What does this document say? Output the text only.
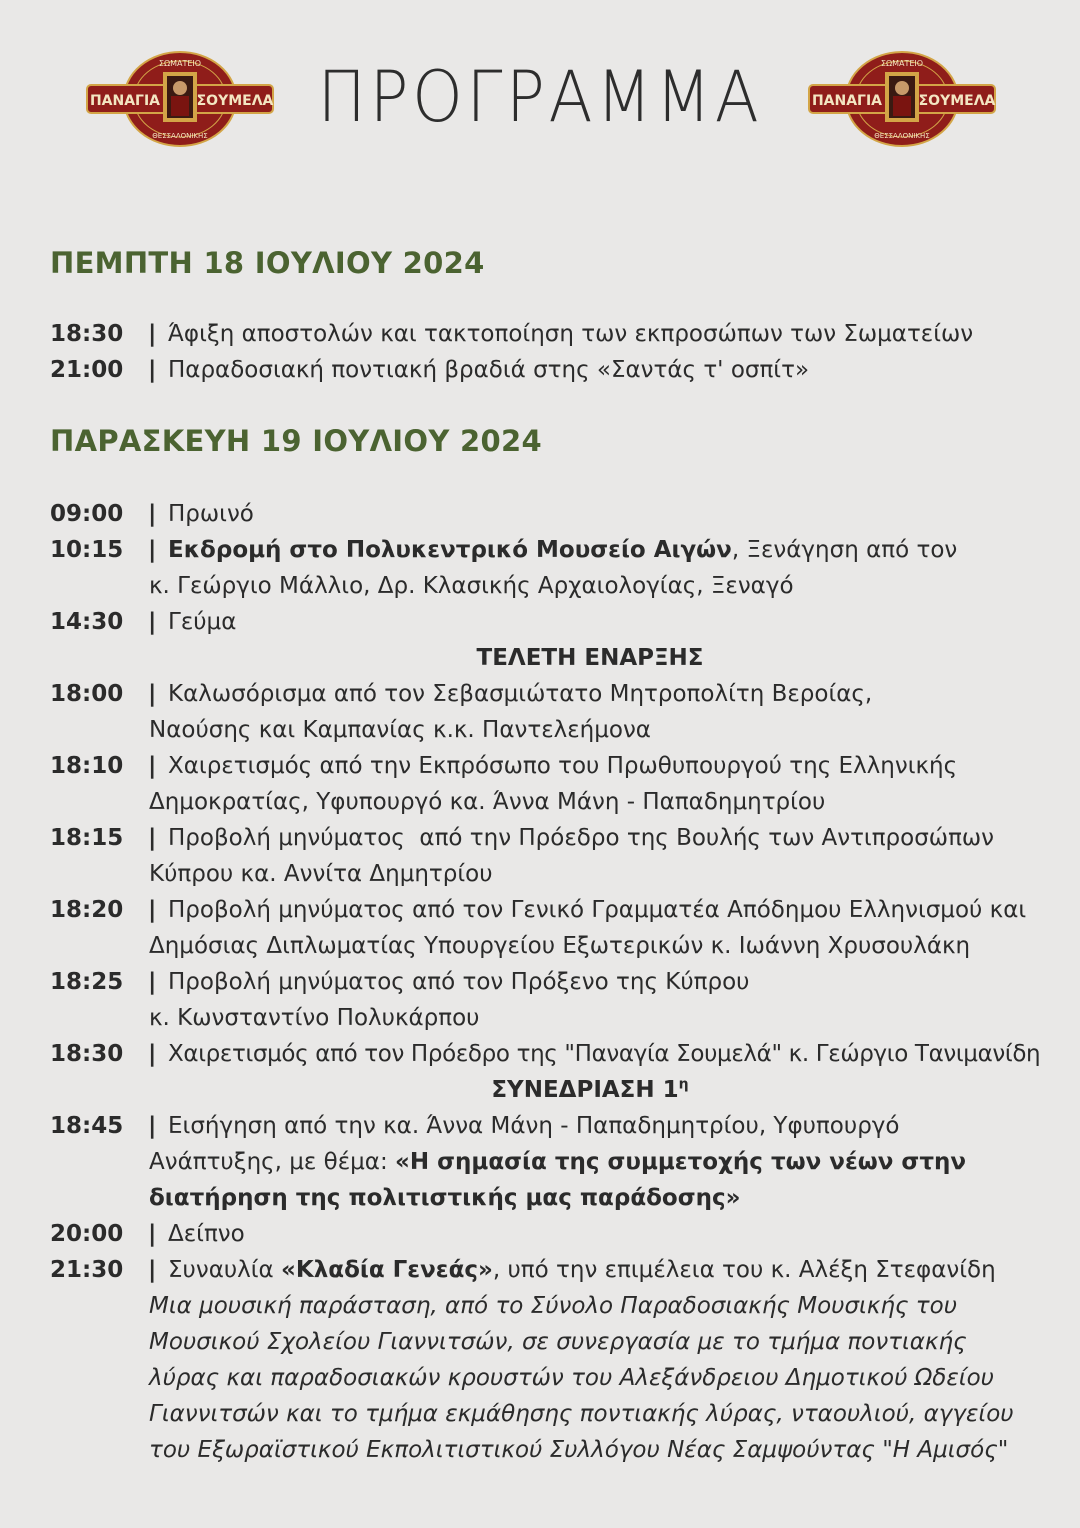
ΠΑΝΑΓΙΑ	ΣΟΥΜΕΛΑ
ΣΩΜΑΤΕΙΟ
ΘΕΣΣΑΛΟΝΙΚΗΣ	ΠΡΟΓΡΑΜΜΑ	ΠΑΝΑΓΙΑ	ΣΟΥΜΕΛΑ
ΣΩΜΑΤΕΙΟ
ΘΕΣΣΑΛΟΝΙΚΗΣ
ΠΕΜΠΤΗ 18 ΙΟΥΛΙΟΥ 2024
18:30	| Άφιξη αποστολών και τακτοποίηση των εκπροσώπων των Σωματείων
21:00	| Παραδοσιακή ποντιακή βραδιά στης «Σαντάς τ' οσπίτ»
ΠΑΡΑΣΚΕΥΗ 19 ΙΟΥΛΙΟΥ 2024
09:00	| Πρωινό
10:15	| Εκδρομή στο Πολυκεντρικό Μουσείο Αιγών, Ξενάγηση από τον
κ. Γεώργιο Μάλλιο, Δρ. Κλασικής Αρχαιολογίας, Ξεναγό
14:30	| Γεύμα
ΤΕΛΕΤΗ ΕΝΑΡΞΗΣ
18:00	| Καλωσόρισμα από τον Σεβασμιώτατο Μητροπολίτη Βεροίας,
Ναούσης και Καμπανίας κ.κ. Παντελεήμονα
18:10	| Χαιρετισμός από την Εκπρόσωπο του Πρωθυπουργού της Ελληνικής
Δημοκρατίας, Υφυπουργό κα. Άννα Μάνη - Παπαδημητρίου
18:15	| Προβολή μηνύματος  από την Πρόεδρο της Βουλής των Αντιπροσώπων
Κύπρου κα. Αννίτα Δημητρίου
18:20	| Προβολή μηνύματος από τον Γενικό Γραμματέα Απόδημου Ελληνισμού και
Δημόσιας Διπλωματίας Υπουργείου Εξωτερικών κ. Ιωάννη Χρυσουλάκη
18:25	| Προβολή μηνύματος από τον Πρόξενο της Κύπρου
κ. Κωνσταντίνο Πολυκάρπου
18:30	| Χαιρετισμός από τον Πρόεδρο της "Παναγία Σουμελά" κ. Γεώργιο Τανιμανίδη
ΣΥΝΕΔΡΙΑΣΗ $1^\eta$
18:45	| Εισήγηση από την κα. Άννα Μάνη - Παπαδημητρίου, Υφυπουργό
Ανάπτυξης, με θέμα: «Η σημασία της συμμετοχής των νέων στην
διατήρηση της πολιτιστικής μας παράδοσης»
20:00	| Δείπνο
21:30	| Συναυλία «Κλαδία Γενεάς», υπό την επιμέλεια του κ. Αλέξη Στεφανίδη
Μια μουσική παράσταση, από το Σύνολο Παραδοσιακής Μουσικής του
Μουσικού Σχολείου Γιαννιτσών, σε συνεργασία με το τμήμα ποντιακής
λύρας και παραδοσιακών κρουστών του Αλεξάνδρειου Δημοτικού Ωδείου
Γιαννιτσών και το τμήμα εκμάθησης ποντιακής λύρας, νταουλιού, αγγείου
του Εξωραϊστικού Εκπολιτιστικού Συλλόγου Νέας Σαμψούντας "Η Αμισός"
